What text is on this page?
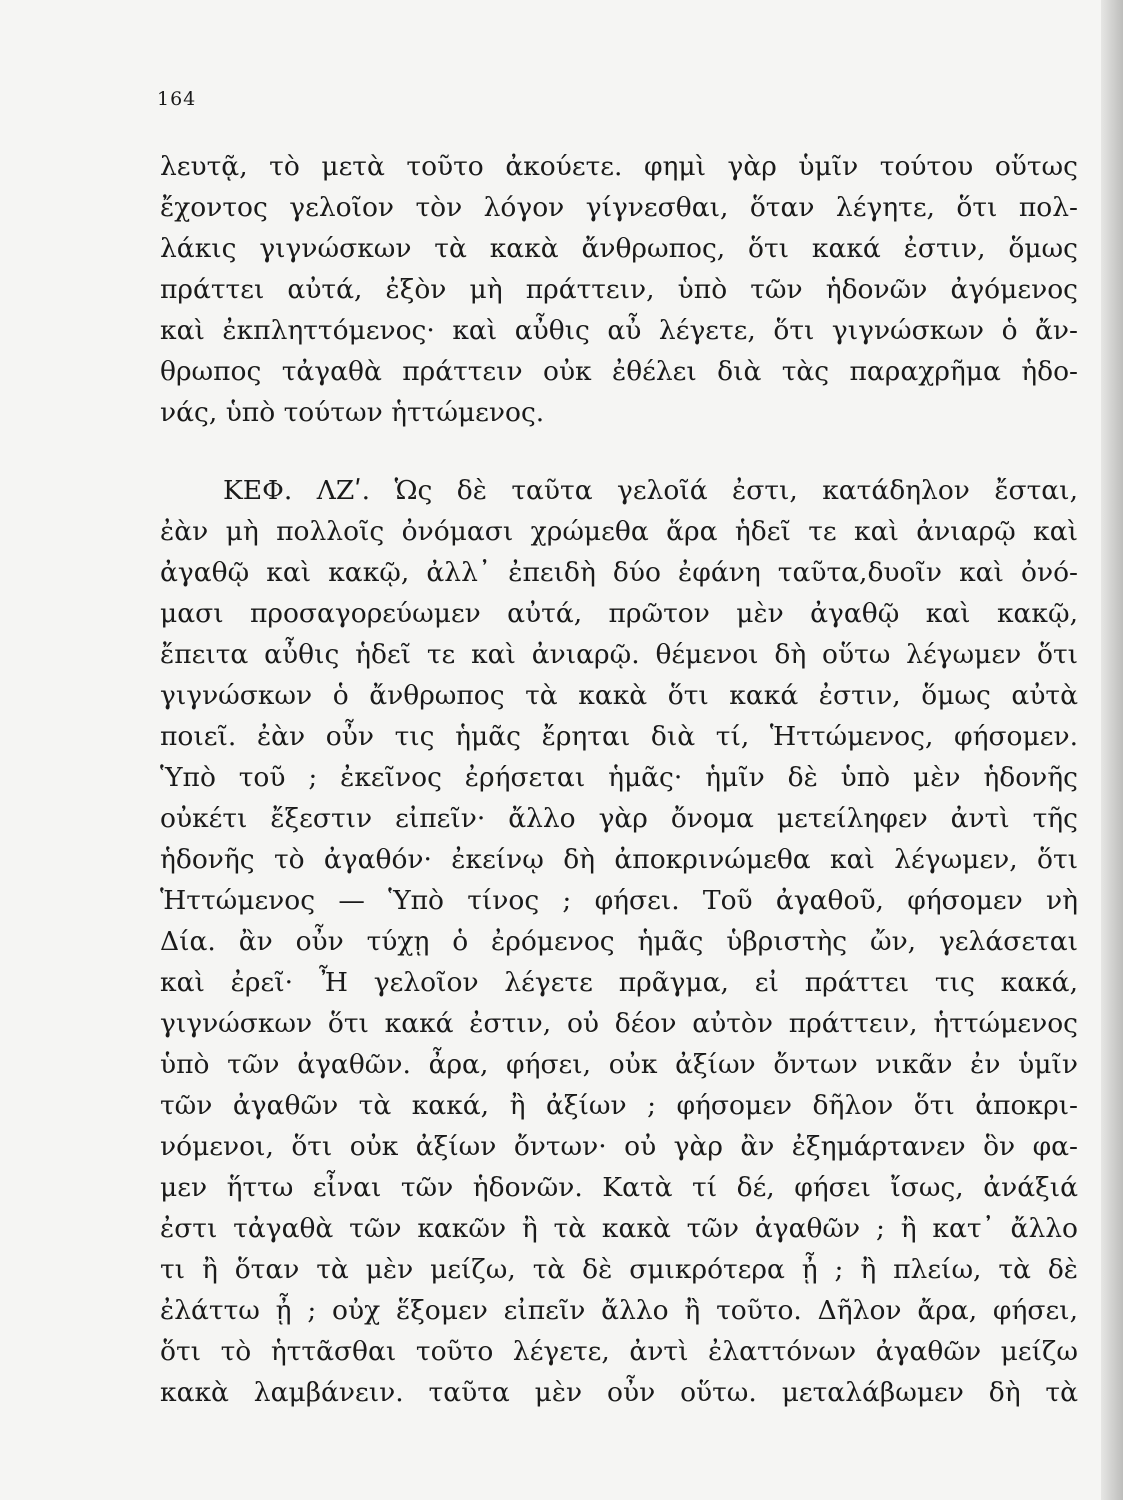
164
λευτᾷ, τὸ μετὰ τοῦτο ἀκούετε. φημὶ γὰρ ὑμῖν τούτου οὕτως
ἔχοντος γελοῖον τὸν λόγον γίγνεσθαι, ὅταν λέγητε, ὅτι πολ-
λάκις γιγνώσκων τὰ κακὰ ἄνθρωπος, ὅτι κακά ἐστιν, ὅμως
πράττει αὐτά, ἐξὸν μὴ πράττειν, ὑπὸ τῶν ἡδονῶν ἀγόμενος
καὶ ἐκπληττόμενος· καὶ αὖθις αὖ λέγετε, ὅτι γιγνώσκων ὁ ἄν-
θρωπος τἀγαθὰ πράττειν οὐκ ἐθέλει διὰ τὰς παραχρῆμα ἡδο-
νάς, ὑπὸ τούτων ἡττώμενος.
ΚΕΦ. ΛΖʹ. Ὡς δὲ ταῦτα γελοῖά ἐστι, κατάδηλον ἔσται,
ἐὰν μὴ πολλοῖς ὀνόμασι χρώμεθα ἅρα ἡδεῖ τε καὶ ἀνιαρῷ καὶ
ἀγαθῷ καὶ κακῷ, ἀλλ᾽ ἐπειδὴ δύο ἐφάνη ταῦτα,δυοῖν καὶ ὀνό-
μασι προσαγορεύωμεν αὐτά, πρῶτον μὲν ἀγαθῷ καὶ κακῷ,
ἔπειτα αὖθις ἡδεῖ τε καὶ ἀνιαρῷ. θέμενοι δὴ οὕτω λέγωμεν ὅτι
γιγνώσκων ὁ ἄνθρωπος τὰ κακὰ ὅτι κακά ἐστιν, ὅμως αὐτὰ
ποιεῖ. ἐὰν οὖν τις ἡμᾶς ἔρηται διὰ τί, Ἡττώμενος, φήσομεν.
Ὑπὸ τοῦ ; ἐκεῖνος ἐρήσεται ἡμᾶς· ἡμῖν δὲ ὑπὸ μὲν ἡδονῆς
οὐκέτι ἔξεστιν εἰπεῖν· ἄλλο γὰρ ὄνομα μετείληφεν ἀντὶ τῆς
ἡδονῆς τὸ ἀγαθόν· ἐκείνῳ δὴ ἀποκρινώμεθα καὶ λέγωμεν, ὅτι
Ἡττώμενος — Ὑπὸ τίνος ; φήσει. Τοῦ ἀγαθοῦ, φήσομεν νὴ
Δία. ἂν οὖν τύχῃ ὁ ἐρόμενος ἡμᾶς ὑβριστὴς ὤν, γελάσεται
καὶ ἐρεῖ· Ἦ γελοῖον λέγετε πρᾶγμα, εἰ πράττει τις κακά,
γιγνώσκων ὅτι κακά ἐστιν, οὐ δέον αὐτὸν πράττειν, ἡττώμενος
ὑπὸ τῶν ἀγαθῶν. ἆρα, φήσει, οὐκ ἀξίων ὄντων νικᾶν ἐν ὑμῖν
τῶν ἀγαθῶν τὰ κακά, ἢ ἀξίων ; φήσομεν δῆλον ὅτι ἀποκρι-
νόμενοι, ὅτι οὐκ ἀξίων ὄντων· οὐ γὰρ ἂν ἐξημάρτανεν ὃν φα-
μεν ἥττω εἶναι τῶν ἡδονῶν. Κατὰ τί δέ, φήσει ἴσως, ἀνάξιά
ἐστι τἀγαθὰ τῶν κακῶν ἢ τὰ κακὰ τῶν ἀγαθῶν ; ἢ κατ᾽ ἄλλο
τι ἢ ὅταν τὰ μὲν μείζω, τὰ δὲ σμικρότερα ᾖ ; ἢ πλείω, τὰ δὲ
ἐλάττω ᾖ ; οὐχ ἕξομεν εἰπεῖν ἄλλο ἢ τοῦτο. Δῆλον ἄρα, φήσει,
ὅτι τὸ ἡττᾶσθαι τοῦτο λέγετε, ἀντὶ ἐλαττόνων ἀγαθῶν μείζω
κακὰ λαμβάνειν. ταῦτα μὲν οὖν οὕτω. μεταλάβωμεν δὴ τὰ
